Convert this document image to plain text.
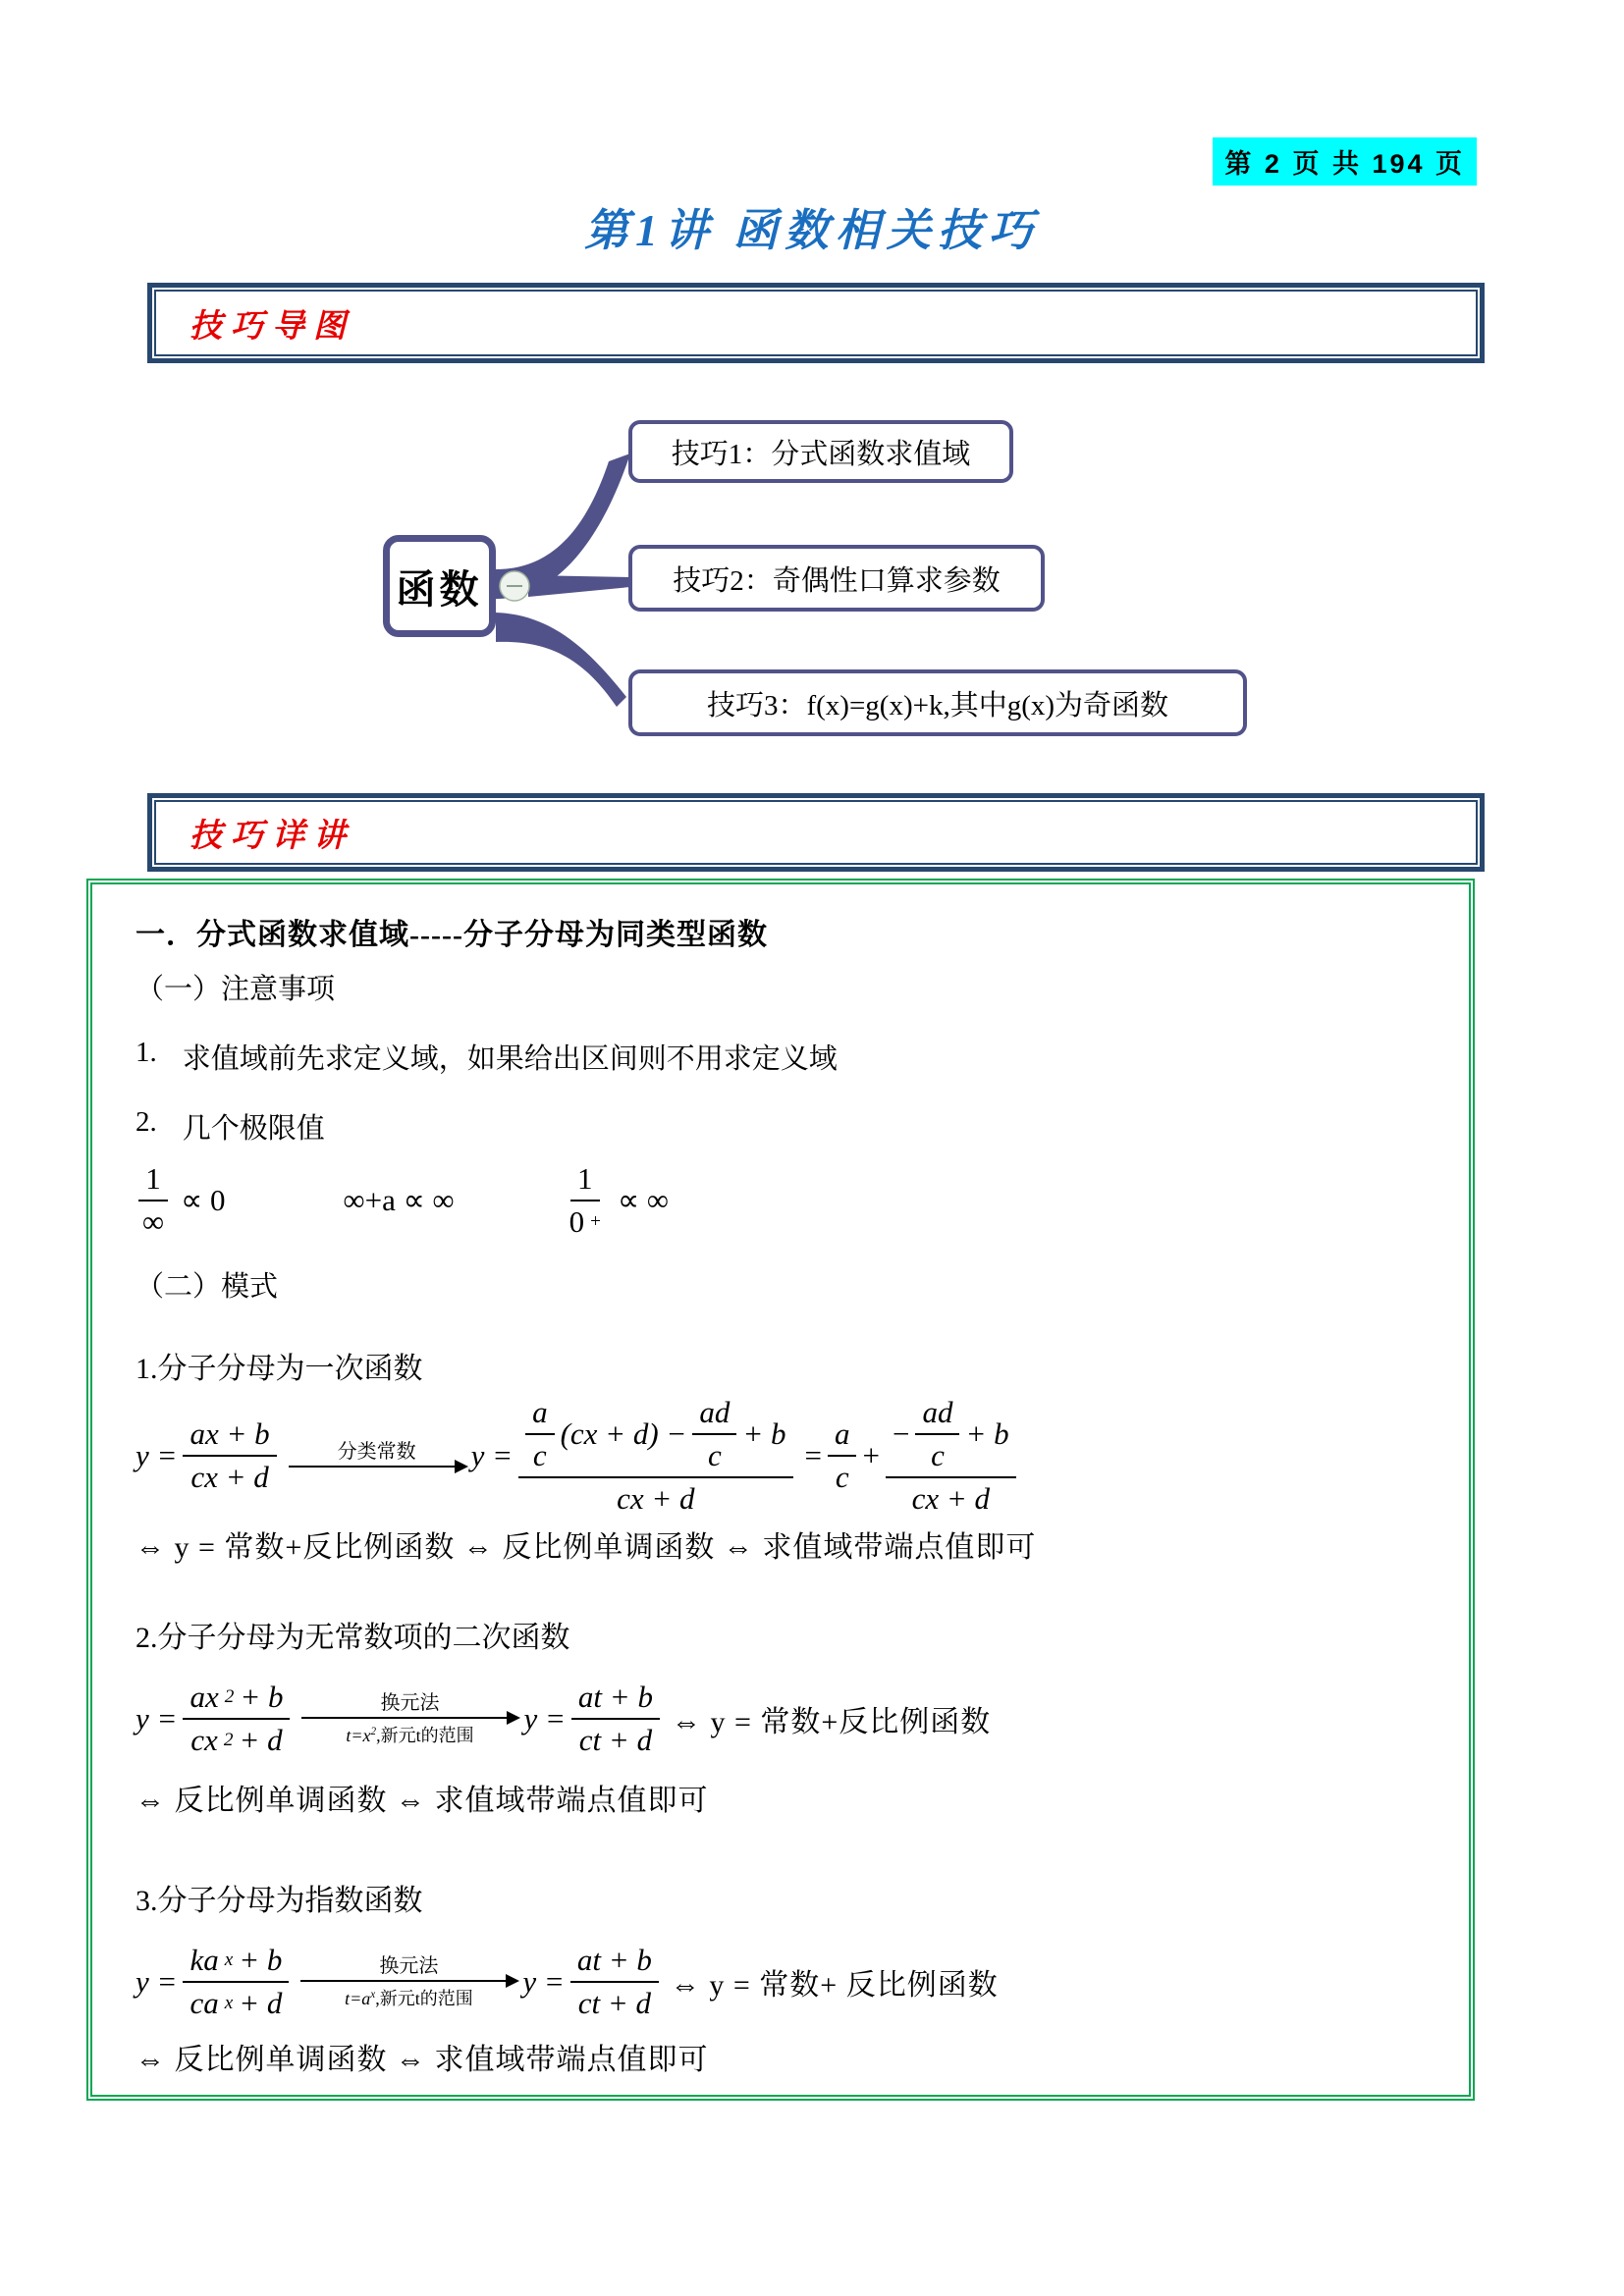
第 2 页 共 194 页
第1讲 函数相关技巧
技巧导图
函数
技巧1：分式函数求值域
技巧2：奇偶性口算求参数
技巧3：f(x)=g(x)+k,其中g(x)为奇函数
技巧详讲
一．分式函数求值域-----分子分母为同类型函数
（一）注意事项
1. 求值域前先求定义域，如果给出区间则不用求定义域
2. 几个极限值
$\frac{1}{\infty} \propto 0$	∞+a ∝ ∞	$\frac{1}{0 +}$ ∝ ∞
（二）模式
1.分子分母为一次函数
$y = \frac{ax + b}{cx + d}$	分类常数 $y = \frac{a}{c} (cx + d) - \frac{ad}{c} + b$
cx + d
= $\frac{a}{c}$ +
− $\frac{ad}{c} + b$
cx + d
⇔ y = 常数+反比例函数 ⇔ 反比例单调函数 ⇔ 求值域带端点值即可
2.分子分母为无常数项的二次函数
$y = \frac{ax 2 + b}{cx 2 + d}$	换元法
$t=x^2$,新元t的范围 $y = \frac{at + b}{ct + d}$ ⇔ y = 常数+反比例函数
⇔ 反比例单调函数 ⇔ 求值域带端点值即可
3.分子分母为指数函数
$y = \frac{\text{ka x + b}}{\text{ca x + d}}$	换元法
$t=a^x$,新元t的范围 $y = \frac{at + b}{ct + d}$ ⇔ y = 常数+ 反比例函数
⇔ 反比例单调函数 ⇔ 求值域带端点值即可
